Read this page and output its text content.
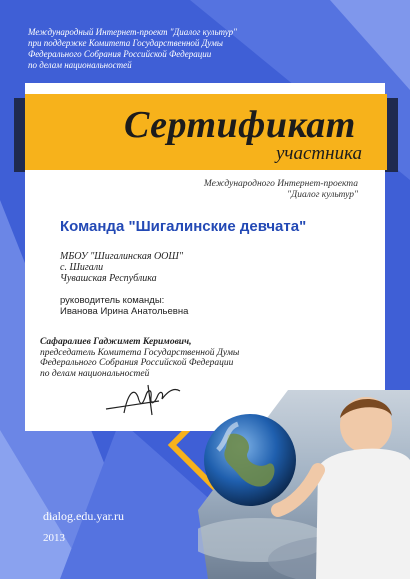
Международный Интернет-проект "Диалог культур"
при поддержке Комитета Государственной Думы
Федерального Собрания Российской Федерации
по делам национальностей
Сертификат
участника
Международного Интернет-проекта
"Диалог культур"
Команда "Шигалинские девчата"
МБОУ "Шигалинская ООШ"
с. Шигали
Чувашская Республика
руководитель команды:
Иванова Ирина Анатольевна
Сафаралиев Гаджимет Керимович,
председатель Комитета Государственной Думы
Федерального Собрания Российской Федерации
по делам национальностей
dialog.edu.yar.ru
2013
